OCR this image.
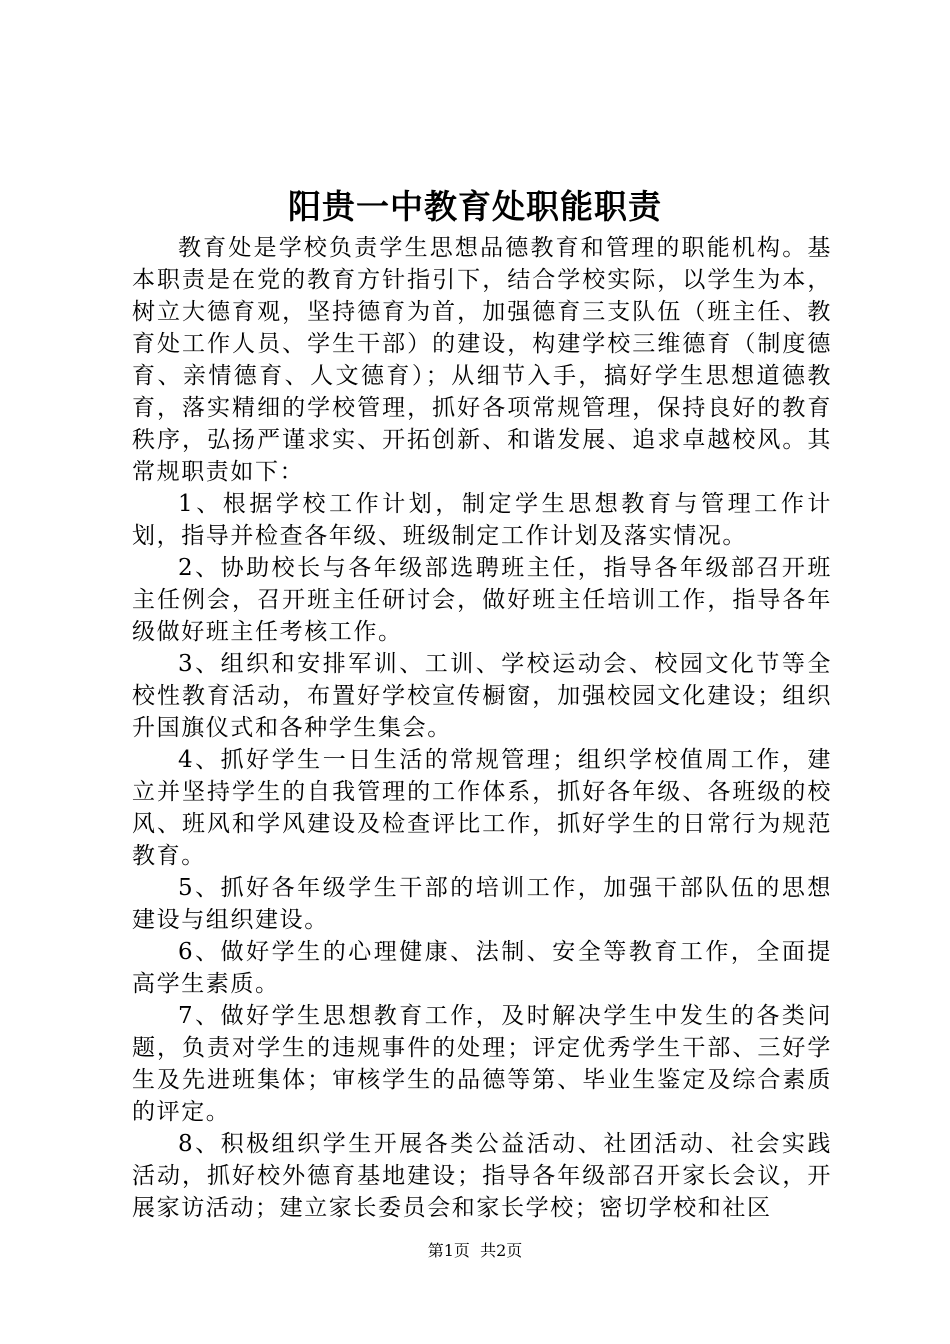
阳贵一中教育处职能职责

教育处是学校负责学生思想品德教育和管理的职能机构。基本职责是在党的教育方针指引下，结合学校实际，以学生为本，树立大德育观，坚持德育为首，加强德育三支队伍（班主任、教育处工作人员、学生干部）的建设，构建学校三维德育（制度德育、亲情德育、人文德育）；从细节入手，搞好学生思想道德教育，落实精细的学校管理，抓好各项常规管理，保持良好的教育秩序，弘扬严谨求实、开拓创新、和谐发展、追求卓越校风。其常规职责如下：

1、根据学校工作计划，制定学生思想教育与管理工作计划，指导并检查各年级、班级制定工作计划及落实情况。

2、协助校长与各年级部选聘班主任，指导各年级部召开班主任例会，召开班主任研讨会，做好班主任培训工作，指导各年级做好班主任考核工作。

3、组织和安排军训、工训、学校运动会、校园文化节等全校性教育活动，布置好学校宣传橱窗，加强校园文化建设；组织升国旗仪式和各种学生集会。

4、抓好学生一日生活的常规管理；组织学校值周工作，建立并坚持学生的自我管理的工作体系，抓好各年级、各班级的校风、班风和学风建设及检查评比工作，抓好学生的日常行为规范教育。

5、抓好各年级学生干部的培训工作，加强干部队伍的思想建设与组织建设。

6、做好学生的心理健康、法制、安全等教育工作，全面提高学生素质。

7、做好学生思想教育工作，及时解决学生中发生的各类问题，负责对学生的违规事件的处理；评定优秀学生干部、三好学生及先进班集体；审核学生的品德等第、毕业生鉴定及综合素质的评定。

8、积极组织学生开展各类公益活动、社团活动、社会实践活动，抓好校外德育基地建设；指导各年级部召开家长会议，开展家访活动；建立家长委员会和家长学校；密切学校和社区

第1页 共2页
